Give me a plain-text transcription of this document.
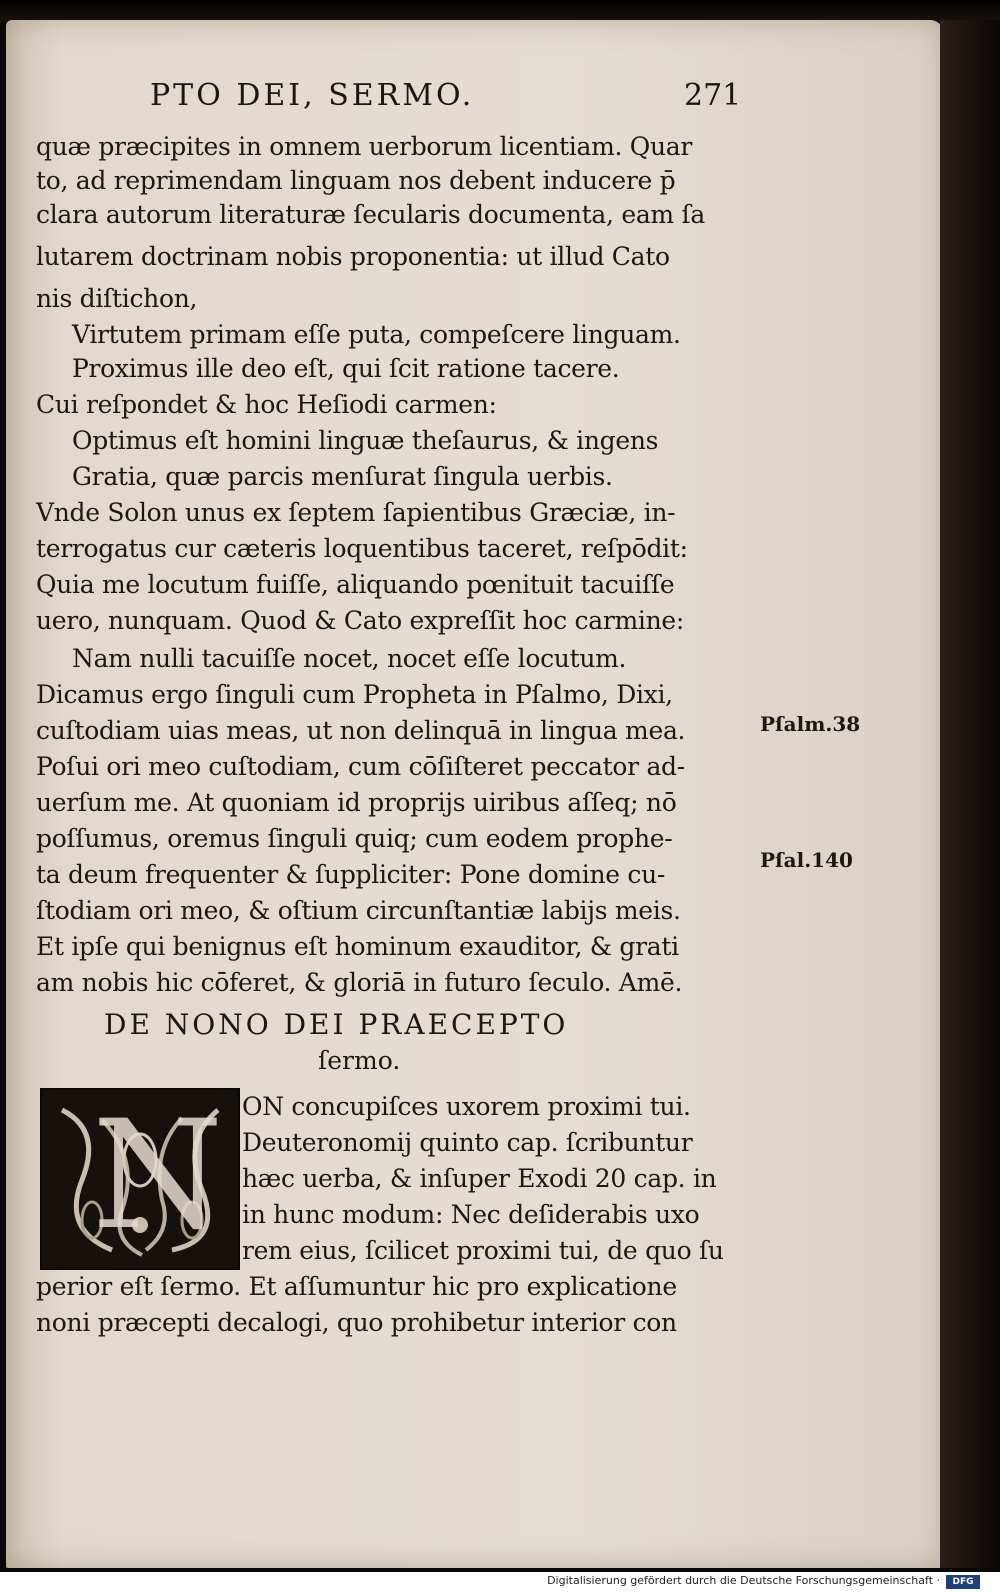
PTO DEI, SERMO.	271
quæ præcipites in omnem uerborum licentiam. Quar
to, ad reprimendam linguam nos debent inducere p̄
clara autorum literaturæ ſecularis documenta, eam ſa
lutarem doctrinam nobis proponentia: ut illud Cato
nis diſtichon,
Virtutem primam eſſe puta, compeſcere linguam.
Proximus ille deo eſt, qui ſcit ratione tacere.
Cui reſpondet & hoc Heſiodi carmen:
Optimus eſt homini linguæ theſaurus, & ingens
Gratia, quæ parcis menſurat ſingula uerbis.
Vnde Solon unus ex ſeptem ſapientibus Græciæ, in-
terrogatus cur cæteris loquentibus taceret, reſpōdit:
Quia me locutum fuiſſe, aliquando pœnituit tacuiſſe
uero, nunquam. Quod & Cato expreſſit hoc carmine:
Nam nulli tacuiſſe nocet, nocet eſſe locutum.
Dicamus ergo ſinguli cum Propheta in Pſalmo, Dixi,
cuſtodiam uias meas, ut non delinquā in lingua mea.
Poſui ori meo cuſtodiam, cum cōſiſteret peccator ad-
uerſum me. At quoniam id proprijs uiribus aſſeq; nō
poſſumus, oremus ſinguli quiq; cum eodem prophe-
ta deum frequenter & ſuppliciter: Pone domine cu-
ſtodiam ori meo, & oſtium circunſtantiæ labijs meis.
Et ipſe qui benignus eſt hominum exauditor, & grati
am nobis hic cōferet, & gloriā in futuro ſeculo. Amē.
Pſalm.38
Pſal.140
DE NONO DEI PRAECEPTO
ſermo.
N ON concupiſces uxorem proximi tui.
Deuteronomij quinto cap. ſcribuntur
hæc uerba, & inſuper Exodi 20 cap. in
in hunc modum: Nec deſiderabis uxo
rem eius, ſcilicet proximi tui, de quo ſu
perior eſt ſermo. Et aſſumuntur hic pro explicatione
noni præcepti decalogi, quo prohibetur interior con
Digitalisierung gefördert durch die Deutsche Forschungsgemeinschaft ·	DFG
